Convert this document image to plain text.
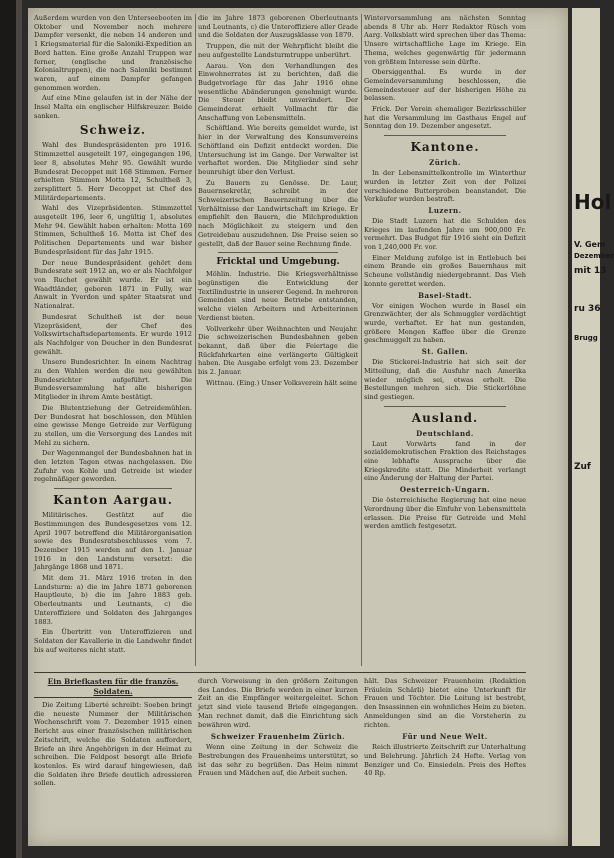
Außerdem wurden von den Unterseebooten im Oktober und November noch mehrere Dampfer versenkt, die neben 14 anderen und 1 Kriegsmaterial für die Saloniki-Expedition an Bord hatten. Eine große Anzahl Truppen war ferner, (englische und französische Kolonialtruppen), die nach Saloniki bestimmt waren, auf einem Dampfer gefangen genommen worden.

Auf eine Mine gelaufen ist in der Nähe der Insel Malta ein englischer Hilfskreuzer. Beide sanken.

Schweiz.

Wahl des Bundespräsidenten pro 1916. Stimmzettel ausgeteilt 197, eingegangen 196, leer 8, absolutes Mehr 95. Gewählt wurde Bundesrat Decoppet mit 168 Stimmen. Ferner erhielten Stimmen Motta 12, Schultheß 3, zersplittert 5. Herr Decoppet ist Chef des Militärdepartements.

Wahl des Vizepräsidenten. Stimmzettel ausgeteilt 196, leer 6, ungültig 1, absolutes Mehr 94. Gewählt haben erhalten: Motta 169 Stimmen, Schultheß 16. Motta ist Chef des Politischen Departements und war bisher Bundespräsident für das Jahr 1915.

Der neue Bundespräsident gehört dem Bundesrate seit 1912 an, wo er als Nachfolger von Ruchet gewählt wurde. Er ist ein Waadtländer, geboren 1871 in Fully, war Anwalt in Yverdon und später Staatsrat und Nationalrat.

Bundesrat Schultheß ist der neue Vizepräsident, der Chef des Volkswirtschaftsdepartements. Er wurde 1912 als Nachfolger von Deucher in den Bundesrat gewählt.

Unsere Bundesrichter. In einem Nachtrag zu den Wahlen werden die neu gewählten Bundesrichter aufgeführt. Die Bundesversammlung hat alle bisherigen Mitglieder in ihrem Amte bestätigt.

Die Blutentziehung der Getreidemühlen. Der Bundesrat hat beschlossen, den Mühlen eine gewisse Menge Getreide zur Verfügung zu stellen, um die Versorgung des Landes mit Mehl zu sichern.

Der Wagenmangel der Bundesbahnen hat in den letzten Tagen etwas nachgelassen. Die Zufuhr von Kohle und Getreide ist wieder regelmäßiger geworden.

Kanton Aargau.

Militärisches. Gestützt auf die Bestimmungen des Bundesgesetzes vom 12. April 1907 betreffend die Militärorganisation sowie des Bundesratsbeschlusses vom 7. Dezember 1915 werden auf den 1. Januar 1916 in den Landsturm versetzt: die Jahrgänge 1868 und 1871.

Mit dem 31. März 1916 treten in den Landsturm: a) die im Jahre 1871 geborenen Hauptleute, b) die im Jahre 1883 geb. Oberleutnants und Leutnants, c) die Unteroffiziere und Soldaten des Jahrganges 1883.

Ein Übertritt von Unteroffizieren und Soldaten der Kavallerie in die Landwehr findet bis auf weiteres nicht statt.

die im Jahre 1873 geborenen Oberleutnants und Leutnants, c) die Unteroffiziere aller Grade und die Soldaten der Auszugsklasse von 1879.

Truppen, die mit der Wehrpflicht bleibt die neu aufgestellte Landsturmtruppe unberührt.

Aarau. Von den Verhandlungen des Einwohnerrates ist zu berichten, daß die Budgetvorlage für das Jahr 1916 ohne wesentliche Abänderungen genehmigt wurde. Die Steuer bleibt unverändert. Der Gemeinderat erhielt Vollmacht für die Anschaffung von Lebensmitteln.

Schöftland. Wie bereits gemeldet wurde, ist hier in der Verwaltung des Konsumvereins Schöftland ein Defizit entdeckt worden. Die Untersuchung ist im Gange. Der Verwalter ist verhaftet worden. Die Mitglieder sind sehr beunruhigt über den Verlust.

Zu Bauern zu Genösse. Dr. Laur, Bauernsekretär, schreibt in der Schweizerischen Bauernzeitung über die Verhältnisse der Landwirtschaft im Kriege. Er empfiehlt den Bauern, die Milchproduktion nach Möglichkeit zu steigern und den Getreidebau auszudehnen. Die Preise seien so gestellt, daß der Bauer seine Rechnung finde.

Fricktal und Umgebung.

Möhlin. Industrie. Die Kriegsverhältnisse begünstigen die Entwicklung der Textilindustrie in unserer Gegend. In mehreren Gemeinden sind neue Betriebe entstanden, welche vielen Arbeitern und Arbeiterinnen Verdienst bieten.

Vollverkehr über Weihnachten und Neujahr. Die schweizerischen Bundesbahnen geben bekannt, daß über die Feiertage die Rückfahrkarten eine verlängerte Gültigkeit haben. Die Ausgabe erfolgt vom 23. Dezember bis 2. Januar.

Wittnau. (Eing.) Unser Volksverein hält seine

Wintervorsammlung am nächsten Sonntag abends 8 Uhr ab. Herr Redaktor Rüsch vom Aarg. Volksblatt wird sprechen über das Thema: Unsere wirtschaftliche Lage im Kriege. Ein Thema, welches gegenwärtig für jedermann von größtem Interesse sein dürfte.

Obersiggenthal. Es wurde in der Gemeindeversammlung beschlossen, die Gemeindesteuer auf der bisherigen Höhe zu belassen.

Frick. Der Verein ehemaliger Bezirksschüler hat die Versammlung im Gasthaus Engel auf Sonntag den 19. Dezember angesetzt.

Kantone.
Zürich.

In der Lebensmittelkontrolle im Winterthur wurden in letzter Zeit von der Polizei verschiedene Butterproben beanstandet. Die Verkäufer wurden bestraft.

Luzern.

Die Stadt Luzern hat die Schulden des Krieges im laufenden Jahre um 900,000 Fr. vermehrt. Das Budget für 1916 sieht ein Defizit von 1,240,000 Fr. vor.

Einer Meldung zufolge ist in Entlebuch bei einem Brande ein großes Bauernhaus mit Scheune vollständig niedergebrannt. Das Vieh konnte gerettet werden.

Basel-Stadt.

Vor einigen Wochen wurde in Basel ein Grenzwächter, der als Schmuggler verdächtigt wurde, verhaftet. Er hat nun gestanden, größere Mengen Kaffee über die Grenze geschmuggelt zu haben.

St. Gallen.

Die Stickerei-Industrie hat sich seit der Mitteilung, daß die Ausfuhr nach Amerika wieder möglich sei, etwas erholt. Die Bestellungen mehren sich. Die Stickerlöhne sind gestiegen.

Ausland.
Deutschland.

Laut Vorwärts fand in der sozialdemokratischen Fraktion des Reichstages eine lebhafte Aussprache über die Kriegskredite statt. Die Minderheit verlangt eine Änderung der Haltung der Partei.

Oesterreich-Ungarn.

Die österreichische Regierung hat eine neue Verordnung über die Einfuhr von Lebensmitteln erlassen. Die Preise für Getreide und Mehl werden amtlich festgesetzt.

Ein Briefkasten für die französ. Soldaten.

Die Zeitung Liberté schreibt: Soeben bringt die neueste Nummer der Militärischen Wochenschrift vom 7. Dezember 1915 einen Bericht aus einer französischen militärischen Zeitschrift, welche die Soldaten auffordert, Briefe an ihre Angehörigen in der Heimat zu schreiben. Die Feldpost besorgt alle Briefe kostenlos. Es wird darauf hingewiesen, daß die Soldaten ihre Briefe deutlich adressieren sollen.

durch Vorweisung in den größern Zeitungen des Landes. Die Briefe werden in einer kurzen Zeit an die Empfänger weitergeleitet. Schon jetzt sind viele tausend Briefe eingegangen. Man rechnet damit, daß die Einrichtung sich bewähren wird.

Schweizer Frauenheim Zürich.

Wenn eine Zeitung in der Schweiz die Bestrebungen des Frauenheims unterstützt, so ist das sehr zu begrüßen. Das Heim nimmt Frauen und Mädchen auf, die Arbeit suchen.

hält. Das Schweizer Frauenheim (Redaktion Fräulein Schärli) bietet eine Unterkunft für Frauen und Töchter. Die Leitung ist bestrebt, den Insassinnen ein wohnliches Heim zu bieten. Anmeldungen sind an die Vorsteherin zu richten.

Für und Neue Welt.

Reich illustrierte Zeitschrift zur Unterhaltung und Belehrung. Jährlich 24 Hefte. Verlag von Benziger und Co. Einsiedeln. Preis des Heftes 40 Rp.

Hol
V. Gem
Dezember
mit 13
ru 36
Brugg
Zuf
